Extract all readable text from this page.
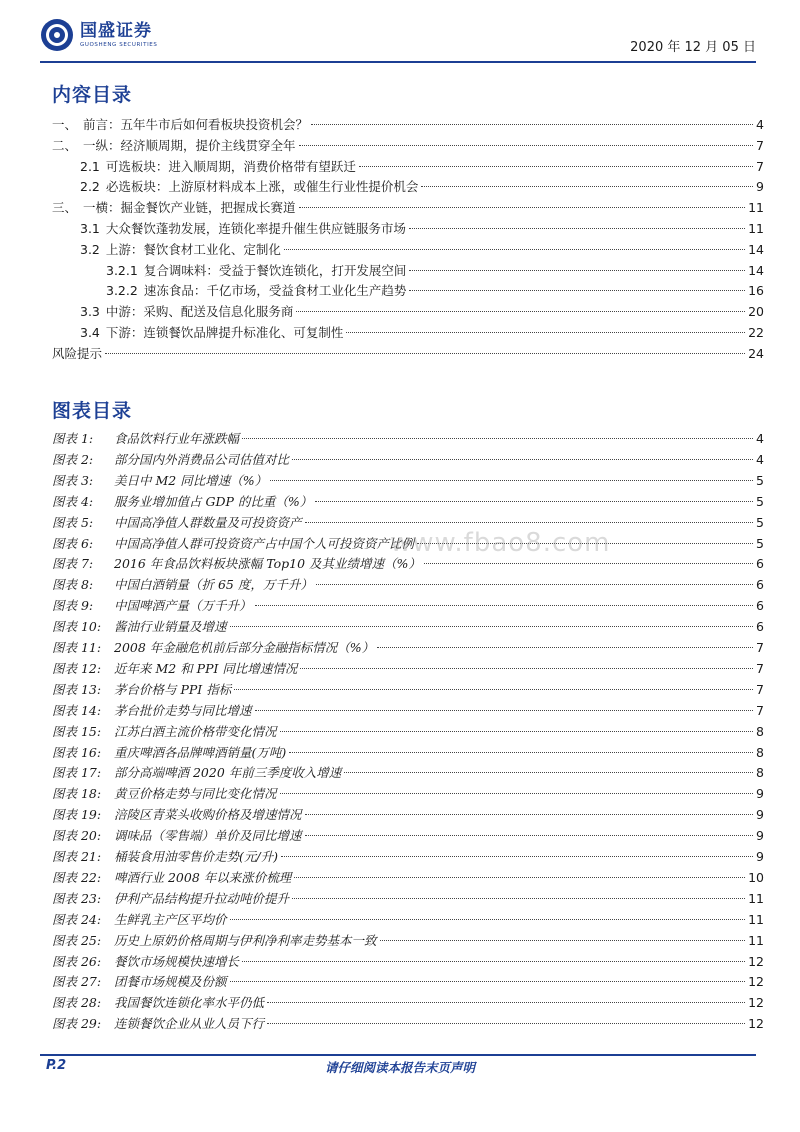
国盛证券
GUOSHENG SECURITIES	2020 年 12 月 05 日
内容目录
一、 前言：五年牛市后如何看板块投资机会？	4
二、 一纵：经济顺周期，提价主线贯穿全年	7
2.1 可选板块：进入顺周期，消费价格带有望跃迁	7
2.2 必选板块：上游原材料成本上涨，或催生行业性提价机会	9
三、 一横：掘金餐饮产业链，把握成长赛道	11
3.1 大众餐饮蓬勃发展，连锁化率提升催生供应链服务市场	11
3.2 上游：餐饮食材工业化、定制化	14
3.2.1 复合调味料：受益于餐饮连锁化，打开发展空间	14
3.2.2 速冻食品：千亿市场，受益食材工业化生产趋势	16
3.3 中游：采购、配送及信息化服务商	20
3.4 下游：连锁餐饮品牌提升标准化、可复制性	22
风险提示	24
图表目录
图表 1:	食品饮料行业年涨跌幅	4
图表 2:	部分国内外消费品公司估值对比	4
图表 3:	美日中 M2 同比增速（%）	5
图表 4:	服务业增加值占 GDP 的比重（%）	5
图表 5:	中国高净值人群数量及可投资资产	5
图表 6:	中国高净值人群可投资资产占中国个人可投资资产比例	5
图表 7:	2016 年食品饮料板块涨幅 Top10 及其业绩增速（%）	6
图表 8:	中国白酒销量（折 65 度，万千升）	6
图表 9:	中国啤酒产量（万千升）	6
图表 10:	酱油行业销量及增速	6
图表 11:	2008 年金融危机前后部分金融指标情况（%）	7
图表 12:	近年来 M2 和 PPI 同比增速情况	7
图表 13:	茅台价格与 PPI 指标	7
图表 14:	茅台批价走势与同比增速	7
图表 15:	江苏白酒主流价格带变化情况	8
图表 16:	重庆啤酒各品牌啤酒销量(万吨)	8
图表 17:	部分高端啤酒 2020 年前三季度收入增速	8
图表 18:	黄豆价格走势与同比变化情况	9
图表 19:	涪陵区青菜头收购价格及增速情况	9
图表 20:	调味品（零售端）单价及同比增速	9
图表 21:	桶装食用油零售价走势(元/升)	9
图表 22:	啤酒行业 2008 年以来涨价梳理	10
图表 23:	伊利产品结构提升拉动吨价提升	11
图表 24:	生鲜乳主产区平均价	11
图表 25:	历史上原奶价格周期与伊利净利率走势基本一致	11
图表 26:	餐饮市场规模快速增长	12
图表 27:	团餐市场规模及份额	12
图表 28:	我国餐饮连锁化率水平仍低	12
图表 29:	连锁餐饮企业从业人员下行	12
www.fbao8.com
P.2	请仔细阅读本报告末页声明
